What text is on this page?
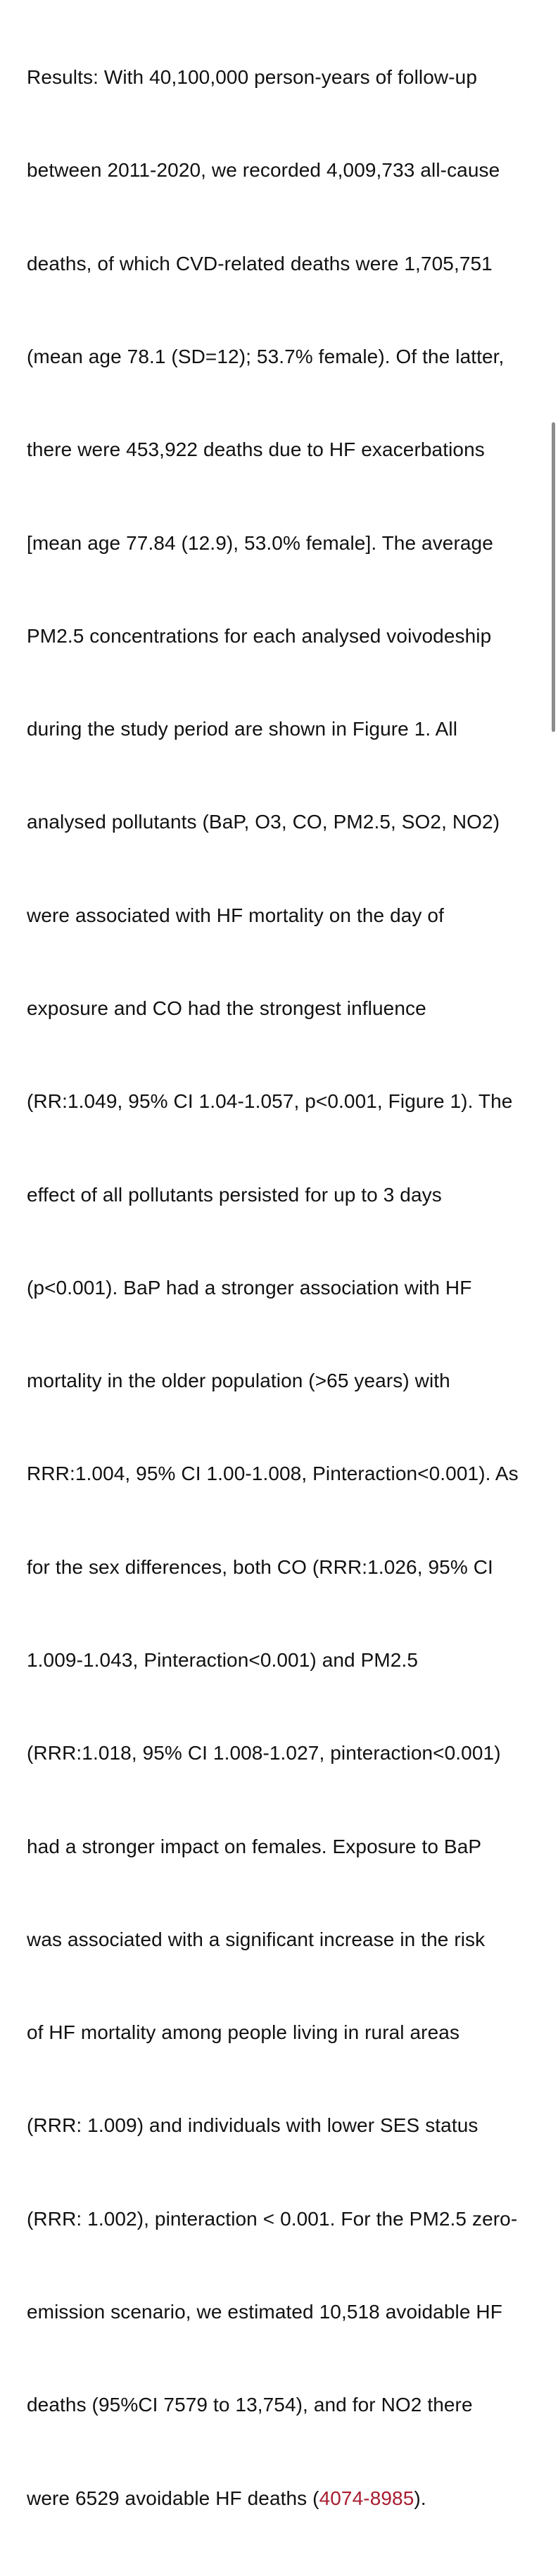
Results: With 40,100,000 person-years of follow-up

between 2011-2020, we recorded 4,009,733 all-cause

deaths, of which CVD-related deaths were 1,705,751

(mean age 78.1 (SD=12); 53.7% female). Of the latter,

there were 453,922 deaths due to HF exacerbations

[mean age 77.84 (12.9), 53.0% female]. The average

PM2.5 concentrations for each analysed voivodeship

during the study period are shown in Figure 1. All

analysed pollutants (BaP, O3, CO, PM2.5, SO2, NO2)

were associated with HF mortality on the day of

exposure and CO had the strongest influence

(RR:1.049, 95% CI 1.04-1.057, p<0.001, Figure 1). The

effect of all pollutants persisted for up to 3 days

(p<0.001). BaP had a stronger association with HF

mortality in the older population (>65 years) with

RRR:1.004, 95% CI 1.00-1.008, Pinteraction<0.001). As

for the sex differences, both CO (RRR:1.026, 95% CI

1.009-1.043, Pinteraction<0.001) and PM2.5

(RRR:1.018, 95% CI 1.008-1.027, pinteraction<0.001)

had a stronger impact on females. Exposure to BaP

was associated with a significant increase in the risk

of HF mortality among people living in rural areas

(RRR: 1.009) and individuals with lower SES status

(RRR: 1.002), pinteraction < 0.001. For the PM2.5 zero-

emission scenario, we estimated 10,518 avoidable HF

deaths (95%CI 7579 to 13,754), and for NO2 there

were 6529 avoidable HF deaths (4074-8985).
